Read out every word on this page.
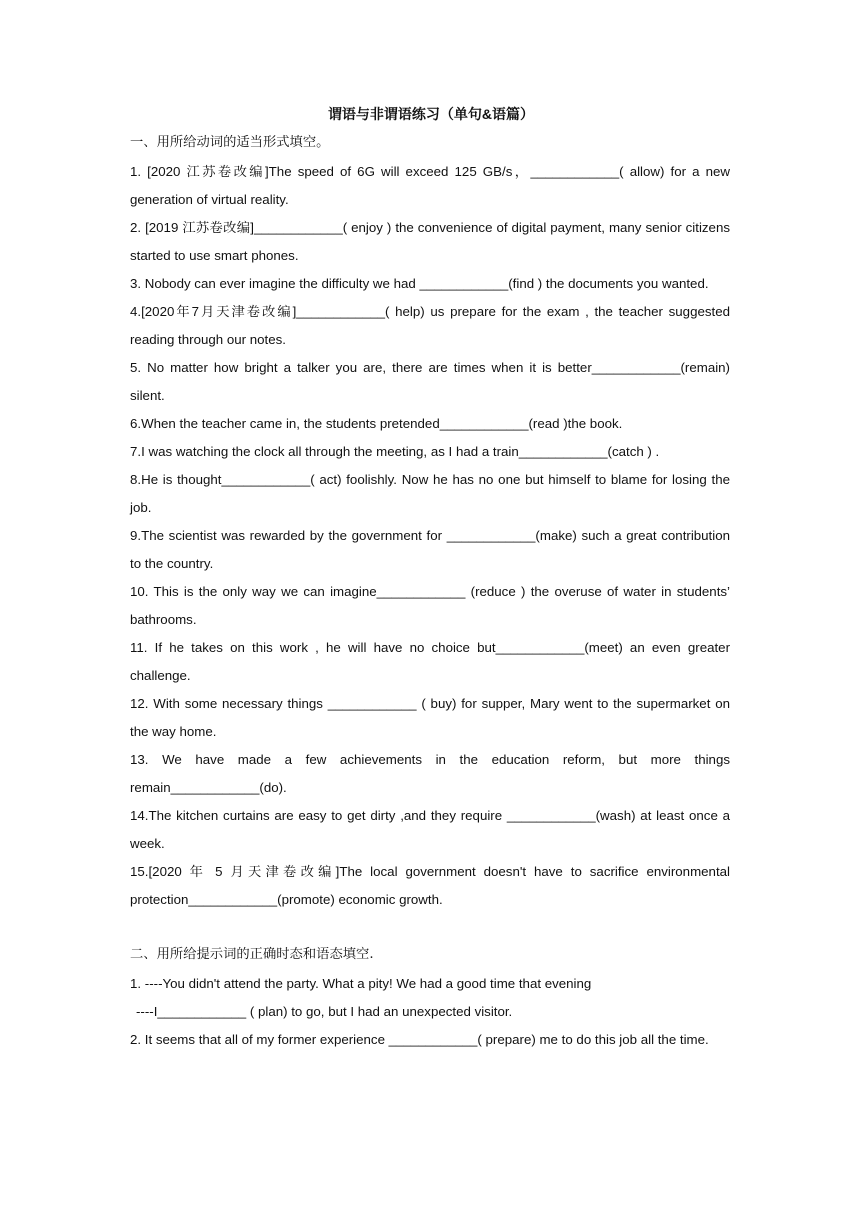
谓语与非谓语练习（单句&语篇）
一、用所给动词的适当形式填空。

1. [2020 江苏卷改编]The speed of 6G will exceed 125 GB/s，____________( allow) for a new generation of virtual reality.

2. [2019 江苏卷改编]____________( enjoy ) the convenience of digital payment, many senior citizens started to use smart phones.

3. Nobody can ever imagine the difficulty we had ____________(find ) the documents you wanted.

4.[2020年7月天津卷改编]____________( help) us prepare for the exam , the teacher suggested reading through our notes.

5. No matter how bright a talker you are, there are times when it is better____________(remain) silent.

6.When the teacher came in, the students pretended____________(read )the book.

7.I was watching the clock all through the meeting, as I had a train____________(catch ) .

8.He is thought____________( act) foolishly. Now he has no one but himself to blame for losing the job.

9.The scientist was rewarded by the government for ____________(make) such a great contribution to the country.

10. This is the only way we can imagine____________ (reduce ) the overuse of water in students’ bathrooms.

11. If he takes on this work , he will have no choice but____________(meet) an even greater challenge.

12. With some necessary things ____________ ( buy) for supper, Mary went to the supermarket on the way home.

13. We have made a few achievements in the education reform, but more things remain____________(do).

14.The kitchen curtains are easy to get dirty ,and they require ____________(wash) at least once a week.

15.[2020 年 5 月天津卷改编]The local government doesn't have to sacrifice environmental protection____________(promote) economic growth.

二、用所给提示词的正确时态和语态填空.

1. ----You didn't attend the party. What a pity! We had a good time that evening

----I____________ ( plan) to go, but I had an unexpected visitor.

2. It seems that all of my former experience ____________( prepare) me to do this job all the time.
